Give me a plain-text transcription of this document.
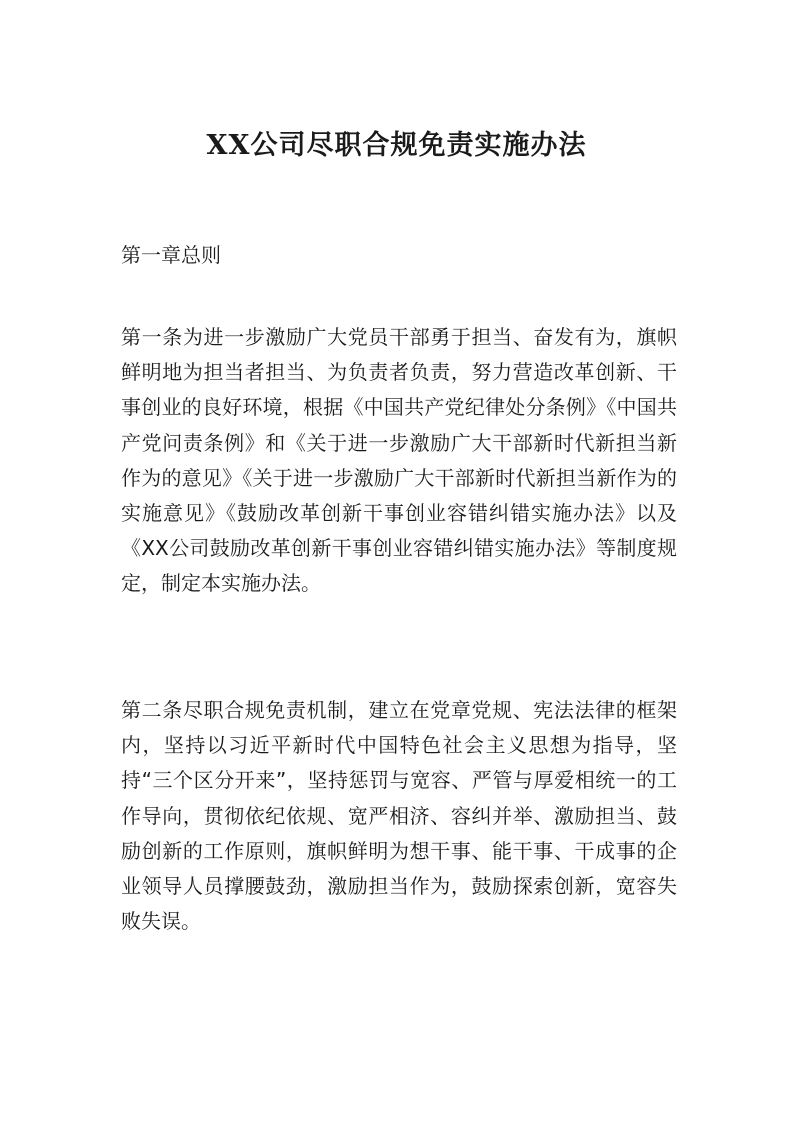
XX公司尽职合规免责实施办法

第一章总则

第一条为进一步激励广大党员干部勇于担当、奋发有为，旗帜鲜明地为担当者担当、为负责者负责，努力营造改革创新、干事创业的良好环境，根据《中国共产党纪律处分条例》《中国共产党问责条例》和《关于进一步激励广大干部新时代新担当新作为的意见》《关于进一步激励广大干部新时代新担当新作为的实施意见》《鼓励改革创新干事创业容错纠错实施办法》以及《XX公司鼓励改革创新干事创业容错纠错实施办法》等制度规定，制定本实施办法。

第二条尽职合规免责机制，建立在党章党规、宪法法律的框架内，坚持以习近平新时代中国特色社会主义思想为指导，坚持“三个区分开来”，坚持惩罚与宽容、严管与厚爱相统一的工作导向，贯彻依纪依规、宽严相济、容纠并举、激励担当、鼓励创新的工作原则，旗帜鲜明为想干事、能干事、干成事的企业领导人员撑腰鼓劲，激励担当作为，鼓励探索创新，宽容失败失误。
